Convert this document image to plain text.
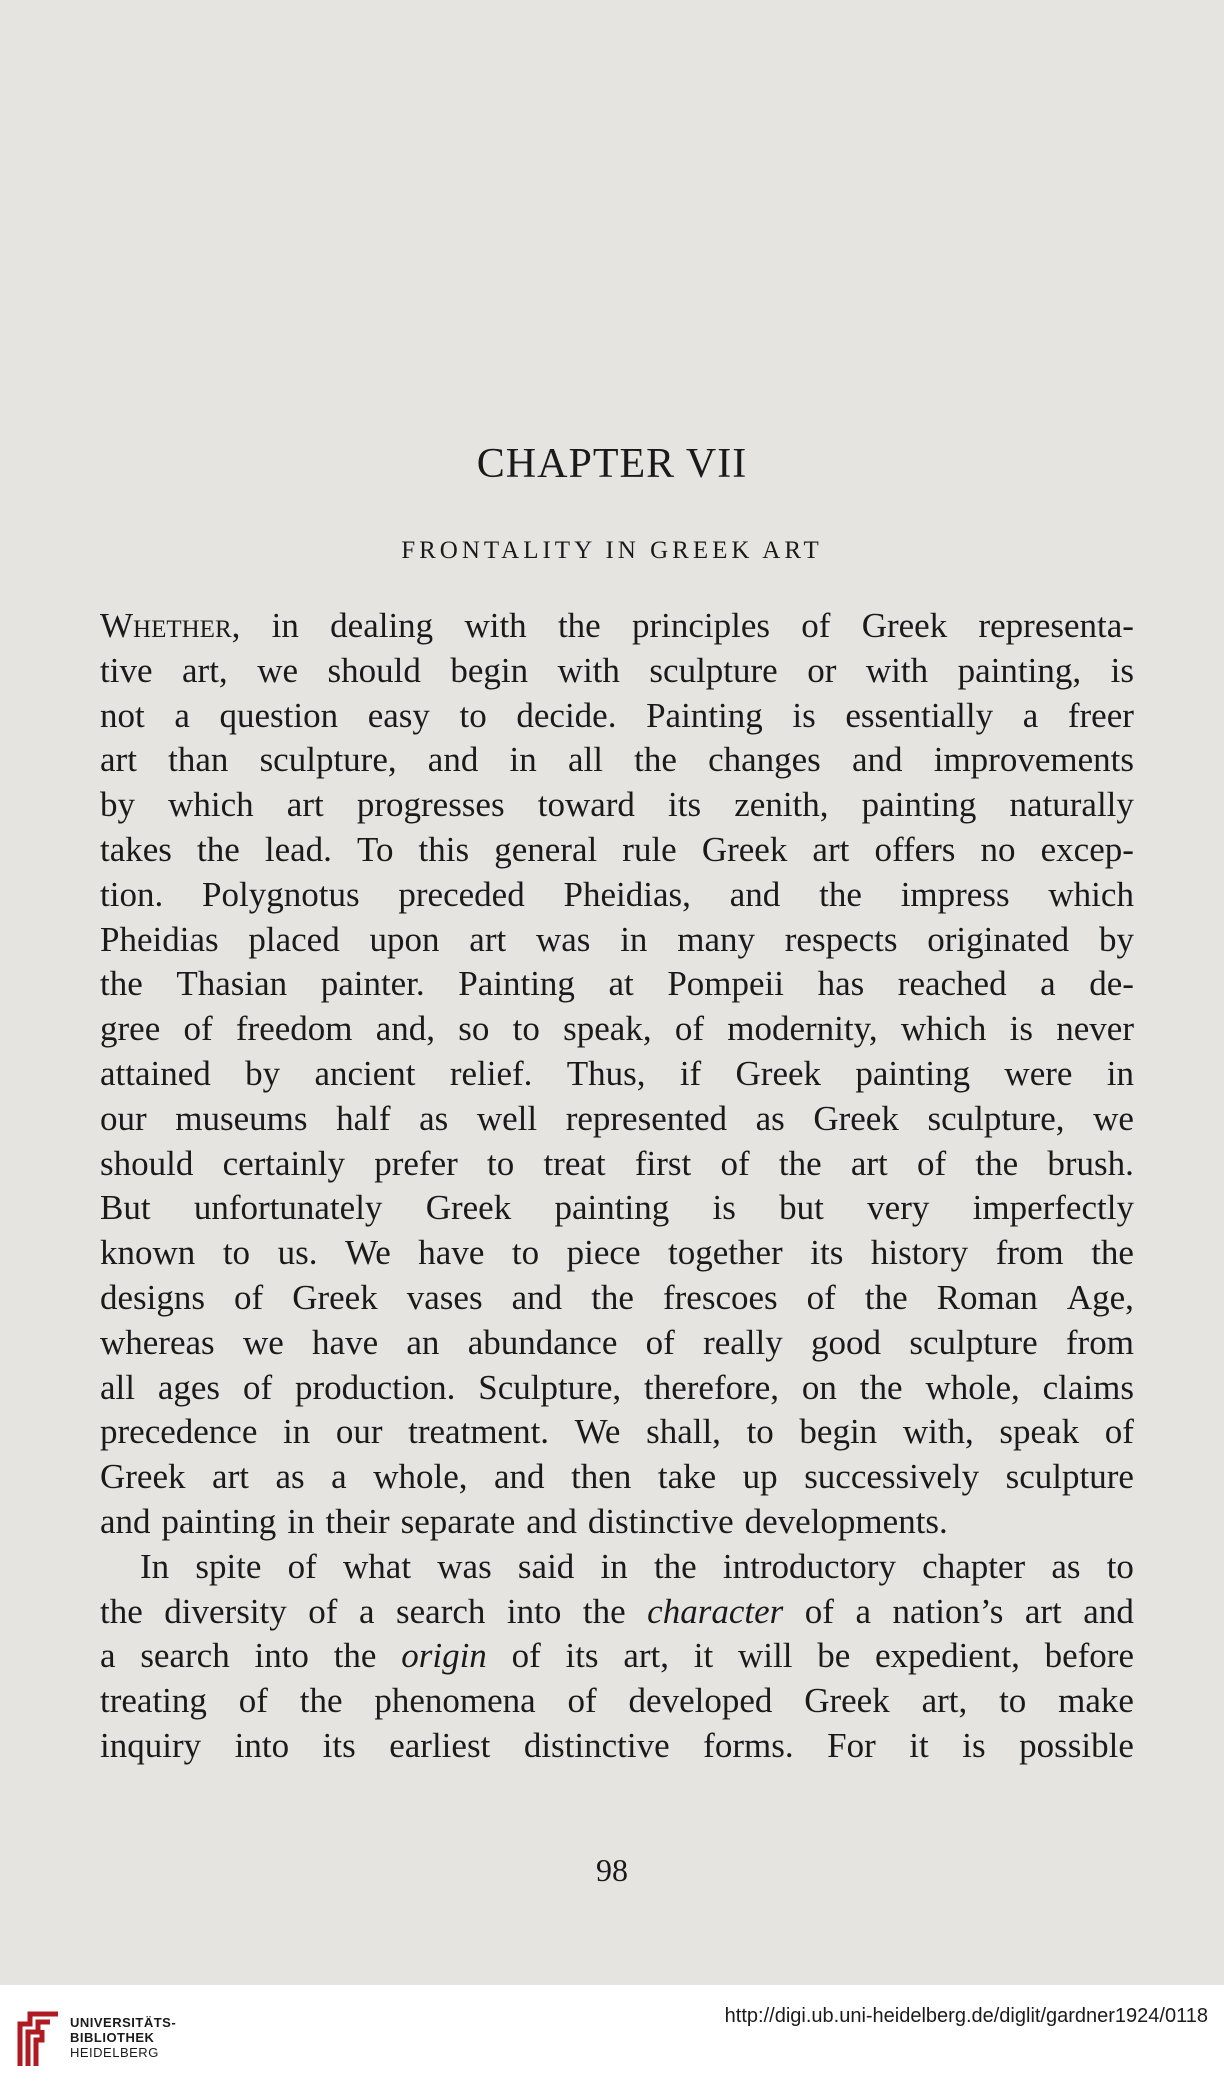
CHAPTER VII
FRONTALITY IN GREEK ART
Whether, in dealing with the principles of Greek representa-
tive art, we should begin with sculpture or with painting, is
not a question easy to decide. Painting is essentially a freer
art than sculpture, and in all the changes and improvements
by which art progresses toward its zenith, painting naturally
takes the lead. To this general rule Greek art offers no excep-
tion. Polygnotus preceded Pheidias, and the impress which
Pheidias placed upon art was in many respects originated by
the Thasian painter. Painting at Pompeii has reached a de-
gree of freedom and, so to speak, of modernity, which is never
attained by ancient relief. Thus, if Greek painting were in
our museums half as well represented as Greek sculpture, we
should certainly prefer to treat first of the art of the brush.
But unfortunately Greek painting is but very imperfectly
known to us. We have to piece together its history from the
designs of Greek vases and the frescoes of the Roman Age,
whereas we have an abundance of really good sculpture from
all ages of production. Sculpture, therefore, on the whole, claims
precedence in our treatment. We shall, to begin with, speak of
Greek art as a whole, and then take up successively sculpture
and painting in their separate and distinctive developments.
In spite of what was said in the introductory chapter as to
the diversity of a search into the character of a nation’s art and
a search into the origin of its art, it will be expedient, before
treating of the phenomena of developed Greek art, to make
inquiry into its earliest distinctive forms. For it is possible
98
UNIVERSITÄTS-
BIBLIOTHEK
HEIDELBERG
http://digi.ub.uni-heidelberg.de/diglit/gardner1924/0118
